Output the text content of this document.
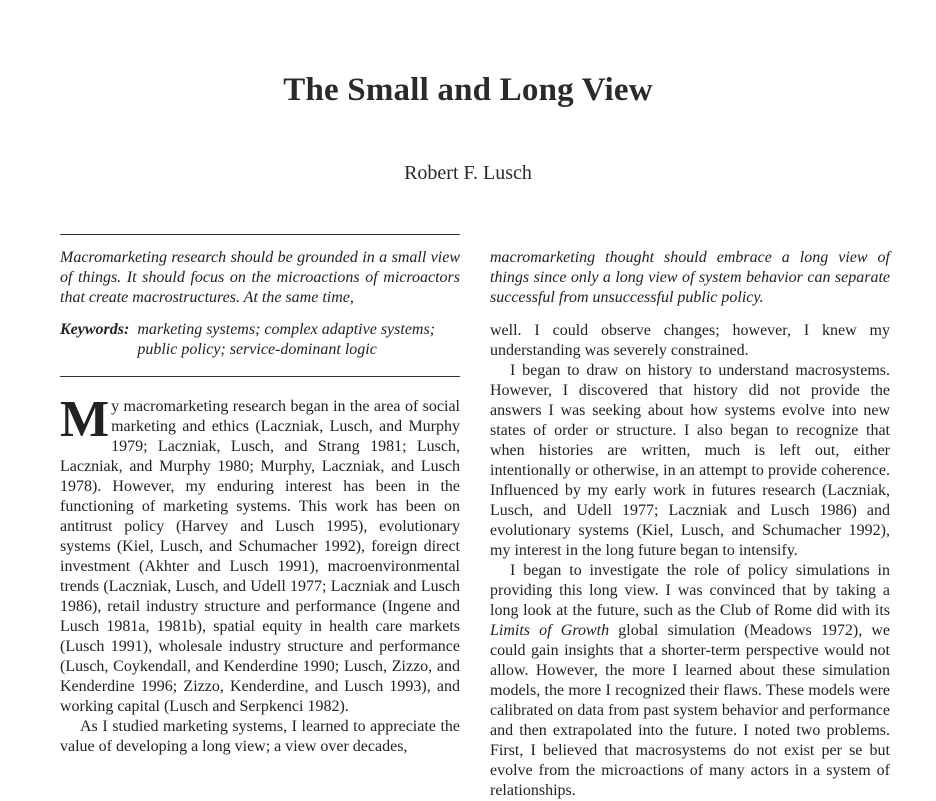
The Small and Long View
Robert F. Lusch

Macromarketing research should be grounded in a small view of things. It should focus on the microactions of microactors that create macrostructures. At the same time,

Keywords: marketing systems; complex adaptive systems; public policy; service-dominant logic

My macromarketing research began in the area of social marketing and ethics (Laczniak, Lusch, and Murphy 1979; Laczniak, Lusch, and Strang 1981; Lusch, Laczniak, and Murphy 1980; Murphy, Laczniak, and Lusch 1978). However, my enduring interest has been in the functioning of marketing systems. This work has been on antitrust policy (Harvey and Lusch 1995), evolutionary systems (Kiel, Lusch, and Schumacher 1992), foreign direct investment (Akhter and Lusch 1991), macroenvironmental trends (Laczniak, Lusch, and Udell 1977; Laczniak and Lusch 1986), retail industry structure and performance (Ingene and Lusch 1981a, 1981b), spatial equity in health care markets (Lusch 1991), wholesale industry structure and performance (Lusch, Coykendall, and Kenderdine 1990; Lusch, Zizzo, and Kenderdine 1996; Zizzo, Kenderdine, and Lusch 1993), and working capital (Lusch and Serpkenci 1982).

As I studied marketing systems, I learned to appreciate the value of developing a long view; a view over decades,

macromarketing thought should embrace a long view of things since only a long view of system behavior can separate successful from unsuccessful public policy.

well. I could observe changes; however, I knew my understanding was severely constrained.

I began to draw on history to understand macrosystems. However, I discovered that history did not provide the answers I was seeking about how systems evolve into new states of order or structure. I also began to recognize that when histories are written, much is left out, either intentionally or otherwise, in an attempt to provide coherence. Influenced by my early work in futures research (Laczniak, Lusch, and Udell 1977; Laczniak and Lusch 1986) and evolutionary systems (Kiel, Lusch, and Schumacher 1992), my interest in the long future began to intensify.

I began to investigate the role of policy simulations in providing this long view. I was convinced that by taking a long look at the future, such as the Club of Rome did with its Limits of Growth global simulation (Meadows 1972), we could gain insights that a shorter-term perspective would not allow. However, the more I learned about these simulation models, the more I recognized their flaws. These models were calibrated on data from past system behavior and performance and then extrapolated into the future. I noted two problems. First, I believed that macrosystems do not exist per se but evolve from the microactions of many actors in a system of relationships.
